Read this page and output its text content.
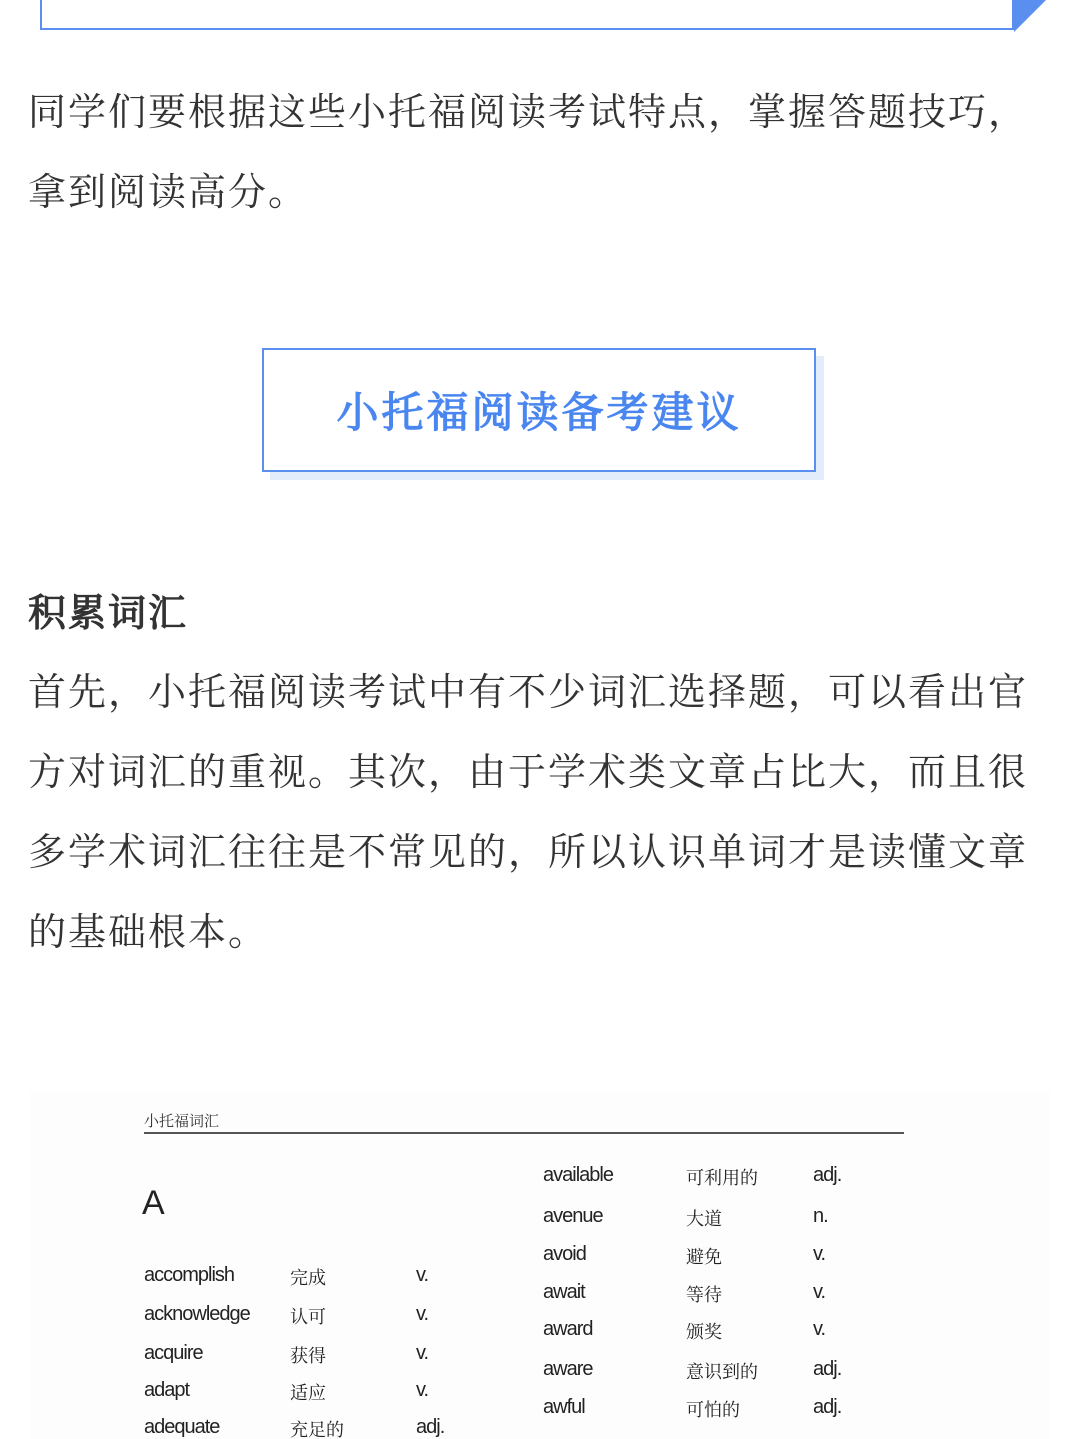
同学们要根据这些小托福阅读考试特点，掌握答题技巧，拿到阅读高分。

小托福阅读备考建议
积累词汇

首先，小托福阅读考试中有不少词汇选择题，可以看出官方对词汇的重视。其次，由于学术类文章占比大，而且很多学术词汇往往是不常见的，所以认识单词才是读懂文章的基础根本。

小托福词汇
A
accomplish	完成	v.
acknowledge 认可	v.
acquire	获得	v.
adapt	适应	v.
adequate	充足的	adj.
available	可利用的	adj.
avenue	大道	n.
avoid	避免	v.
await	等待	v.
award	颁奖	v.
aware	意识到的	adj.
awful	可怕的	adj.
